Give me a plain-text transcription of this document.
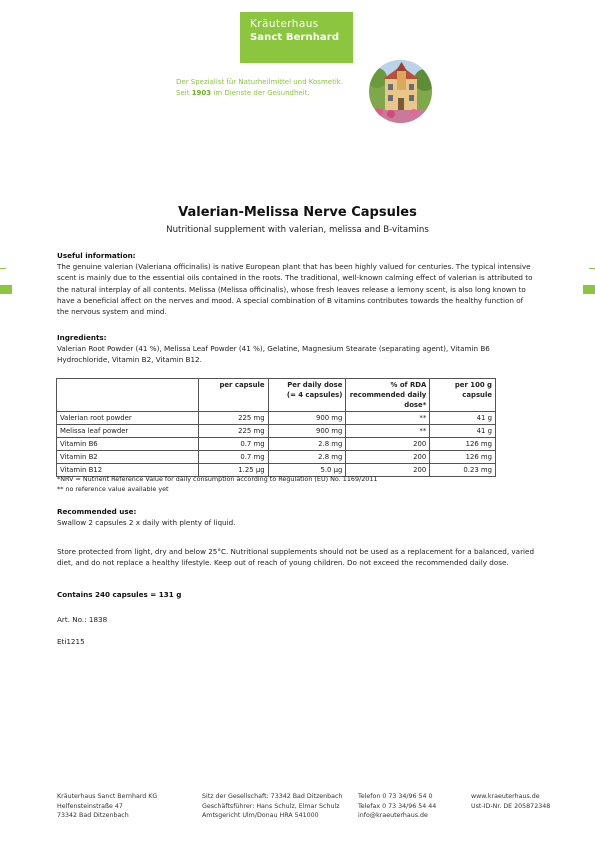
Kräuterhaus
Sanct Bernhard
Der Spezialist für Naturheilmittel und Kosmetik.
Seit 1903 im Dienste der Gesundheit.
Valerian-Melissa Nerve Capsules
Nutritional supplement with valerian, melissa and B-vitamins
Useful information:
The genuine valerian (Valeriana officinalis) is native European plant that has been highly valued for centuries. The typical intensive
scent is mainly due to the essential oils contained in the roots. The traditional, well-known calming effect of valerian is attributed to
the natural interplay of all contents. Melissa (Melissa officinalis), whose fresh leaves release a lemony scent, is also long known to
have a beneficial affect on the nerves and mood. A special combination of B vitamins contributes towards the healthy function of
the nervous system and mind.
Ingredients:
Valerian Root Powder (41 %), Melissa Leaf Powder (41 %), Gelatine, Magnesium Stearate (separating agent), Vitamin B6
Hydrochloride, Vitamin B2, Vitamin B12.
	per capsule	Per daily dose
(= 4 capsules)	% of RDA
recommended daily
dose*	per 100 g
capsule
Valerian root powder	225 mg	900 mg	**	41 g
Melissa leaf powder	225 mg	900 mg	**	41 g
Vitamin B6	0.7 mg	2.8 mg	200	126 mg
Vitamin B2	0.7 mg	2.8 mg	200	126 mg
Vitamin B12	1.25 µg	5.0 µg	200	0.23 mg
*NRV = Nutrient Reference Value for daily consumption according to Regulation (EU) No. 1169/2011
** no reference value available yet
Recommended use:
Swallow 2 capsules 2 x daily with plenty of liquid.
Store protected from light, dry and below 25°C. Nutritional supplements should not be used as a replacement for a balanced, varied
diet, and do not replace a healthy lifestyle. Keep out of reach of young children. Do not exceed the recommended daily dose.
Contains 240 capsules = 131 g
Art. No.: 1838
Eti1215
Kräuterhaus Sanct Bernhard KG
Helfensteinstraße 47
73342 Bad Ditzenbach
Sitz der Gesellschaft: 73342 Bad Ditzenbach
Geschäftsführer: Hans Schulz, Elmar Schulz
Amtsgericht Ulm/Donau HRA 541000
Telefon 0 73 34/96 54 0
Telefax 0 73 34/96 54 44
info@kraeuterhaus.de
www.kraeuterhaus.de
Ust-ID-Nr. DE 205872348
